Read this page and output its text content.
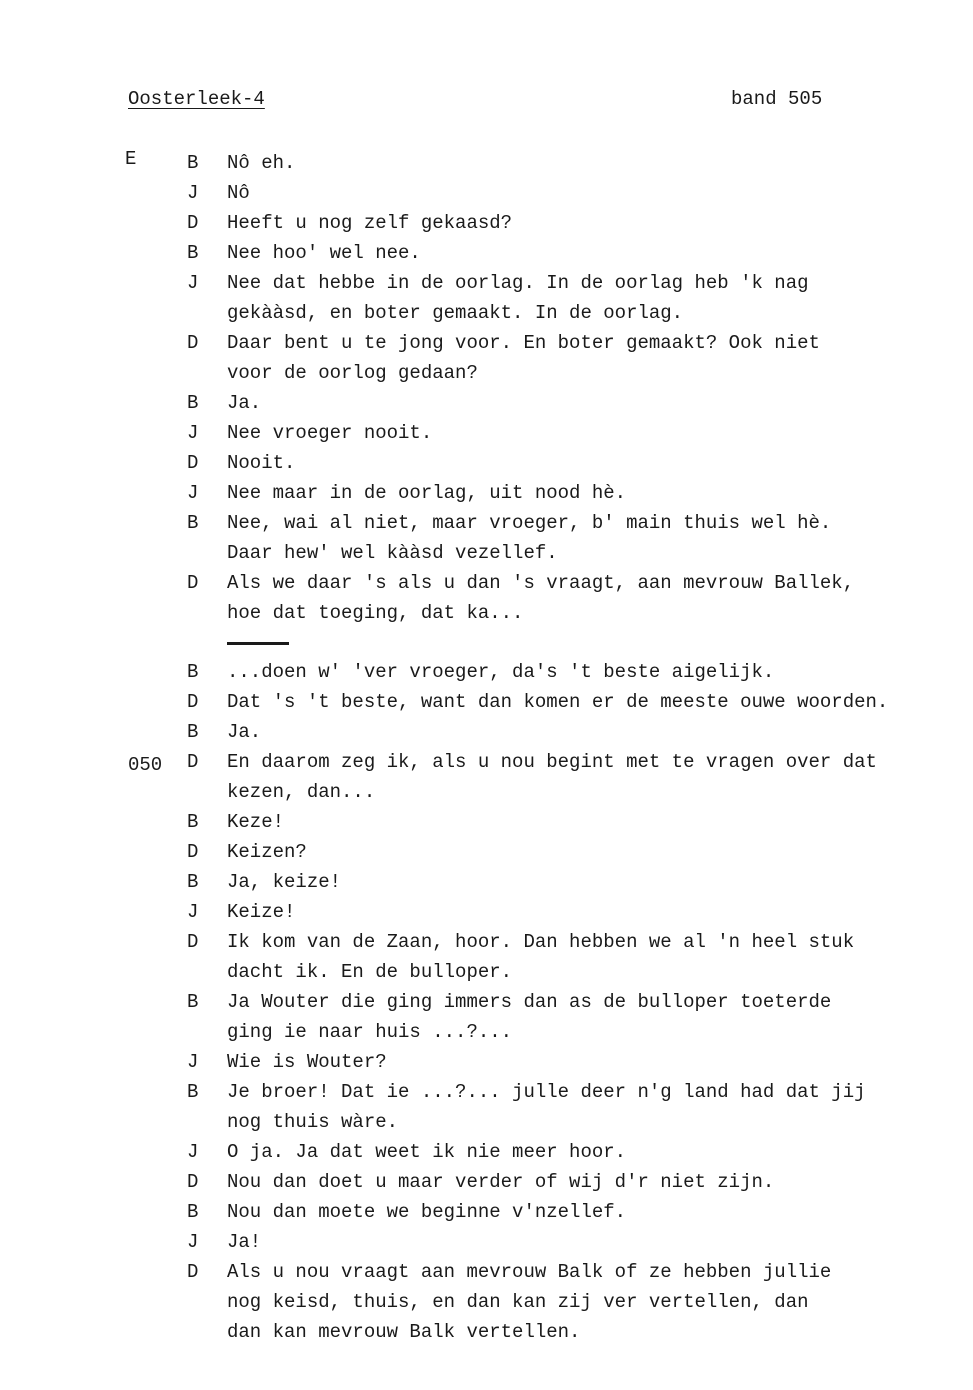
Oosterleek-4	band 505
E
050
B	Nô eh.
J	Nô
D	Heeft u nog zelf gekaasd?
B	Nee hoo' wel nee.
J	Nee dat hebbe in de oorlag. In de oorlag heb 'k nag
gekààsd, en boter gemaakt. In de oorlag.
D	Daar bent u te jong voor. En boter gemaakt? Ook niet
voor de oorlog gedaan?
B	Ja.
J	Nee vroeger nooit.
D	Nooit.
J	Nee maar in de oorlag, uit nood hè.
B	Nee, wai al niet, maar vroeger, b' main thuis wel hè.
Daar hew' wel kààsd vezellef.
D	Als we daar 's als u dan 's vraagt, aan mevrouw Ballek,
hoe dat toeging, dat ka...
B	...doen w' 'ver vroeger, da's 't beste aigelijk.
D	Dat 's 't beste, want dan komen er de meeste ouwe woorden.
B	Ja.
D	En daarom zeg ik, als u nou begint met te vragen over dat
kezen, dan...
B	Keze!
D	Keizen?
B	Ja, keize!
J	Keize!
D	Ik kom van de Zaan, hoor. Dan hebben we al 'n heel stuk
dacht ik. En de bulloper.
B	Ja Wouter die ging immers dan as de bulloper toeterde
ging ie naar huis ...?...
J	Wie is Wouter?
B	Je broer! Dat ie ...?... julle deer n'g land had dat jij
nog thuis wàre.
J	O ja. Ja dat weet ik nie meer hoor.
D	Nou dan doet u maar verder of wij d'r niet zijn.
B	Nou dan moete we beginne v'nzellef.
J	Ja!
D	Als u nou vraagt aan mevrouw Balk of ze hebben jullie
nog keisd, thuis, en dan kan zij ver vertellen, dan
dan kan mevrouw Balk vertellen.
